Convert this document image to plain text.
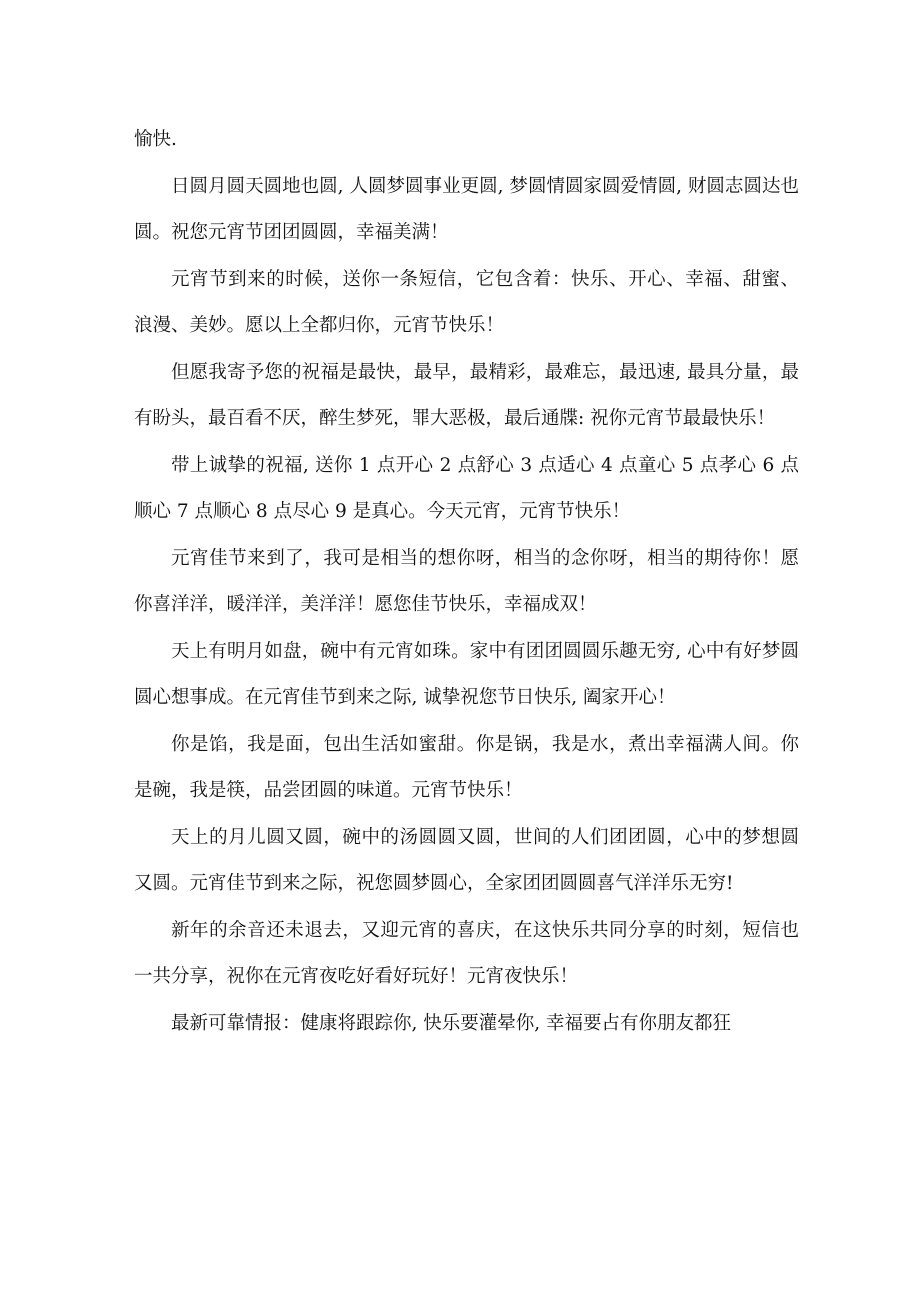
愉快.

日圆月圆天圆地也圆, 人圆梦圆事业更圆, 梦圆情圆家圆爱情圆, 财圆志圆达也圆。祝您元宵节团团圆圆，幸福美满！

元宵节到来的时候，送你一条短信，它包含着：快乐、开心、幸福、甜蜜、浪漫、美妙。愿以上全都归你，元宵节快乐！

但愿我寄予您的祝福是最快，最早，最精彩，最难忘，最迅速, 最具分量，最有盼头，最百看不厌，醉生梦死，罪大恶极，最后通牒: 祝你元宵节最最快乐！

带上诚挚的祝福, 送你 1 点开心 2 点舒心 3 点适心 4 点童心 5 点孝心 6 点顺心 7 点顺心 8 点尽心 9 是真心。今天元宵，元宵节快乐！

元宵佳节来到了，我可是相当的想你呀，相当的念你呀，相当的期待你！愿你喜洋洋，暖洋洋，美洋洋！愿您佳节快乐，幸福成双！

天上有明月如盘，碗中有元宵如珠。家中有团团圆圆乐趣无穷, 心中有好梦圆圆心想事成。在元宵佳节到来之际, 诚挚祝您节日快乐, 阖家开心！

你是馅，我是面，包出生活如蜜甜。你是锅，我是水，煮出幸福满人间。你是碗，我是筷，品尝团圆的味道。元宵节快乐！

天上的月儿圆又圆，碗中的汤圆圆又圆，世间的人们团团圆，心中的梦想圆又圆。元宵佳节到来之际，祝您圆梦圆心，全家团团圆圆喜气洋洋乐无穷!

新年的余音还未退去，又迎元宵的喜庆，在这快乐共同分享的时刻，短信也一共分享，祝你在元宵夜吃好看好玩好！元宵夜快乐！

最新可靠情报：健康将跟踪你, 快乐要灌晕你, 幸福要占有你朋友都狂
